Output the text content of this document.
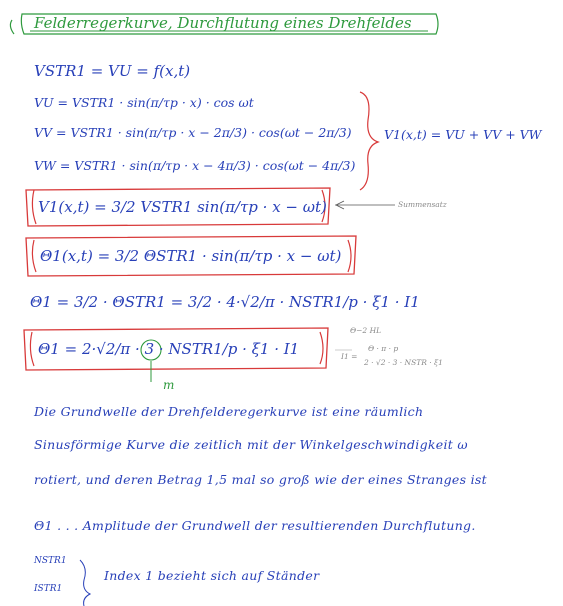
Felderregerkurve, Durchflutung eines Drehfeldes
VSTR1 = VU = f(x,t)
VU = VSTR1 · sin(π/τp · x) · cos ωt
VV = VSTR1 · sin(π/τp · x − 2π/3) · cos(ωt − 2π/3)
VW = VSTR1 · sin(π/τp · x − 4π/3) · cos(ωt − 4π/3)
V1(x,t) = VU + VV + VW
Summensatz
V1(x,t) = 3/2 VSTR1 sin(π/τp · x − ωt)
Θ1(x,t) = 3/2 ΘSTR1 · sin(π/τp · x − ωt)
Θ1 = 3/2 · ΘSTR1 = 3/2 · 4·√2/π · NSTR1/p · ξ1 · I1
Θ1 = 2·√2/π · 3 · NSTR1/p · ξ1 · I1
m
Θ−2 HL
I1 =
Θ · π · p
2 · √2 · 3 · NSTR · ξ1
Die Grundwelle der Drehfelderegerkurve ist eine räumlich
Sinusförmige Kurve die zeitlich mit der Winkelgeschwindigkeit ω
rotiert, und deren Betrag 1,5 mal so groß wie der eines Stranges ist
Θ1 . . . Amplitude der Grundwell der resultierenden Durchflutung.
NSTR1
ISTR1
Index 1 bezieht sich auf Ständer
